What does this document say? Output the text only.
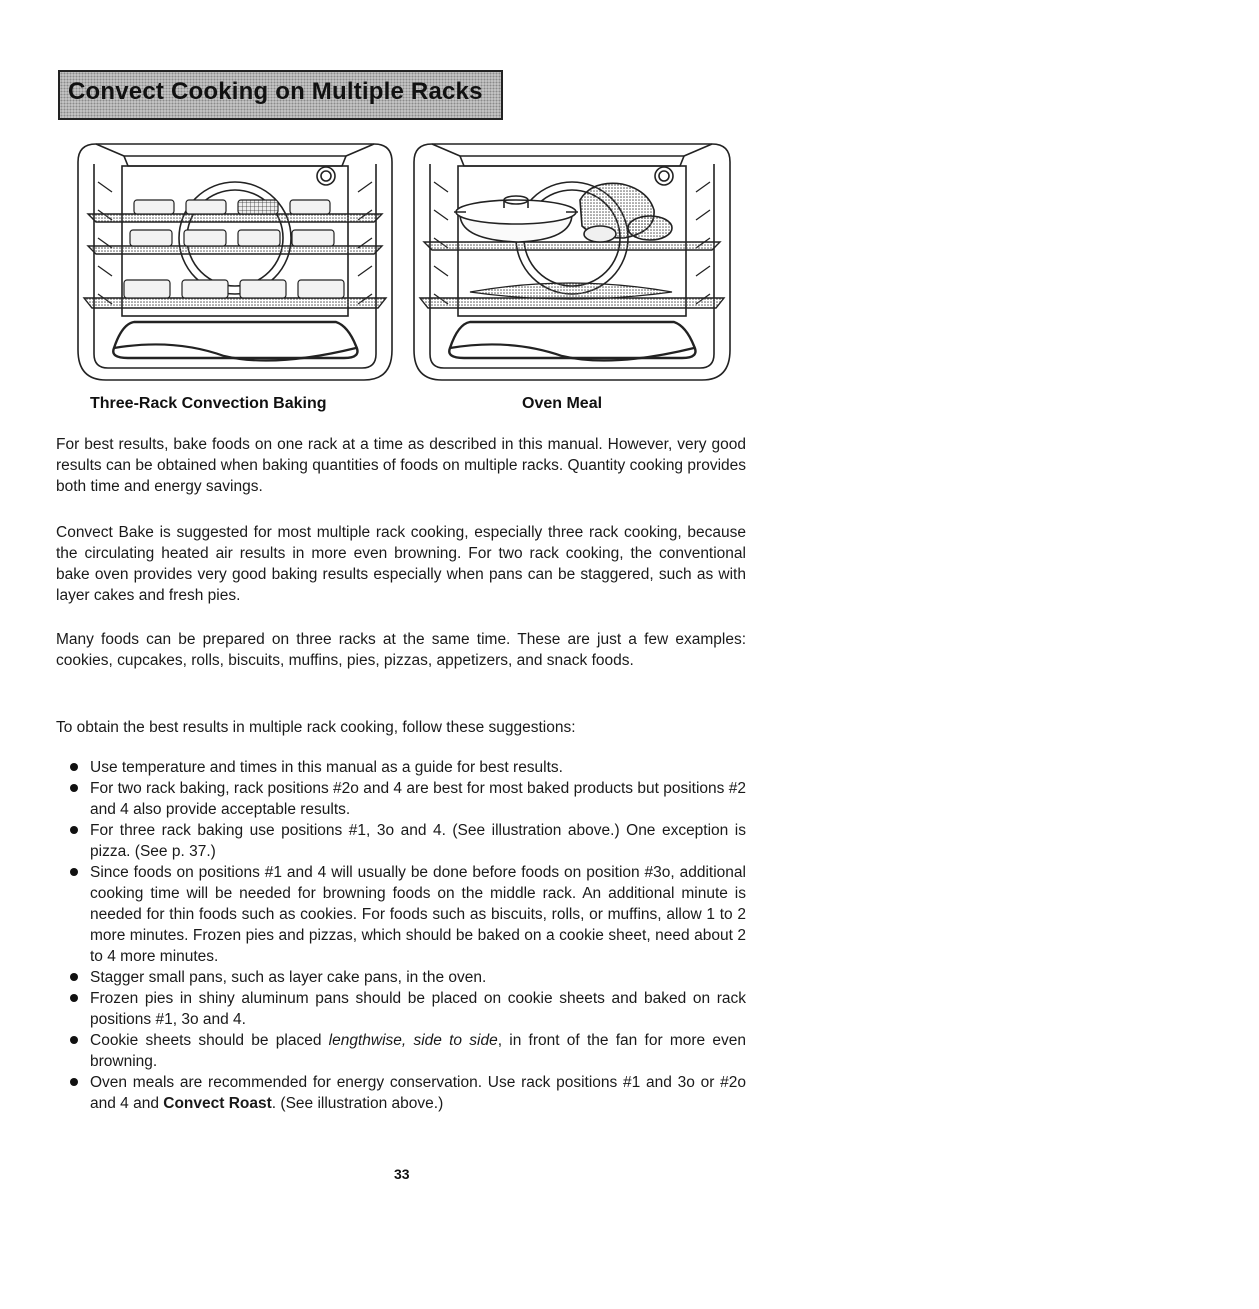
Convect Cooking on Multiple Racks
Three-Rack Convection Baking	Oven Meal

For best results, bake foods on one rack at a time as described in this manual. However, very good results can be obtained when baking quantities of foods on multiple racks. Quantity cooking provides both time and energy savings.

Convect Bake is suggested for most multiple rack cooking, especially three rack cooking, because the circulating heated air results in more even browning. For two rack cooking, the conventional bake oven provides very good baking results especially when pans can be staggered, such as with layer cakes and fresh pies.

Many foods can be prepared on three racks at the same time. These are just a few examples: cookies, cupcakes, rolls, biscuits, muffins, pies, pizzas, appetizers, and snack foods.

To obtain the best results in multiple rack cooking, follow these suggestions:

Use temperature and times in this manual as a guide for best results.
For two rack baking, rack positions #2o and 4 are best for most baked products but positions #2 and 4 also provide acceptable results.
For three rack baking use positions #1, 3o and 4. (See illustration above.) One exception is pizza. (See p. 37.)
Since foods on positions #1 and 4 will usually be done before foods on position #3o, additional cooking time will be needed for browning foods on the middle rack. An additional minute is needed for thin foods such as cookies. For foods such as biscuits, rolls, or muffins, allow 1 to 2 more minutes. Frozen pies and pizzas, which should be baked on a cookie sheet, need about 2 to 4 more minutes.
Stagger small pans, such as layer cake pans, in the oven.
Frozen pies in shiny aluminum pans should be placed on cookie sheets and baked on rack positions #1, 3o and 4.
Cookie sheets should be placed lengthwise, side to side, in front of the fan for more even browning.
Oven meals are recommended for energy conservation. Use rack positions #1 and 3o or #2o and 4 and Convect Roast. (See illustration above.)
33
